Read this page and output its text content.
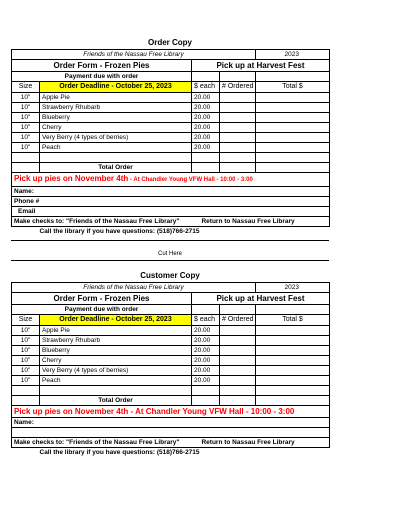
Order Copy
Friends of the Nassau Free Library				2023
Order Form - Frozen Pies		Pick up at Harvest Fest		
Payment due with order				
Size	Order Deadline - October 25, 2023	$ each	# Ordered	Total $
10"	Apple Pie	20.00		
10"	Strawberry Rhubarb	20.00		
10"	Blueberry	20.00		
10"	Cherry	20.00		
10"	Very Berry (4 types of berries)	20.00		
10"	Peach	20.00		

	Total Order			
Pick up pies on November 4th - At Chandler Young VFW Hall - 10:00 - 3:00				
Name:				
Phone #				
Email				
Make checks to: "Friends of the Nassau Free Library" Return to Nassau Free Library				
Call the library if you have questions: (518)766-2715				
Cut Here
Customer Copy
Friends of the Nassau Free Library				2023
Order Form - Frozen Pies		Pick up at Harvest Fest		
Payment due with order				
Size	Order Deadline - October 25, 2023	$ each	# Ordered	Total $
10"	Apple Pie	20.00		
10"	Strawberry Rhubarb	20.00		
10"	Blueberry	20.00		
10"	Cherry	20.00		
10"	Very Berry (4 types of berries)	20.00		
10"	Peach	20.00		

	Total Order			
Pick up pies on November 4th - At Chandler Young VFW Hall - 10:00 - 3:00				
Name:				

Make checks to: "Friends of the Nassau Free Library" Return to Nassau Free Library				
Call the library if you have questions: (518)766-2715				
